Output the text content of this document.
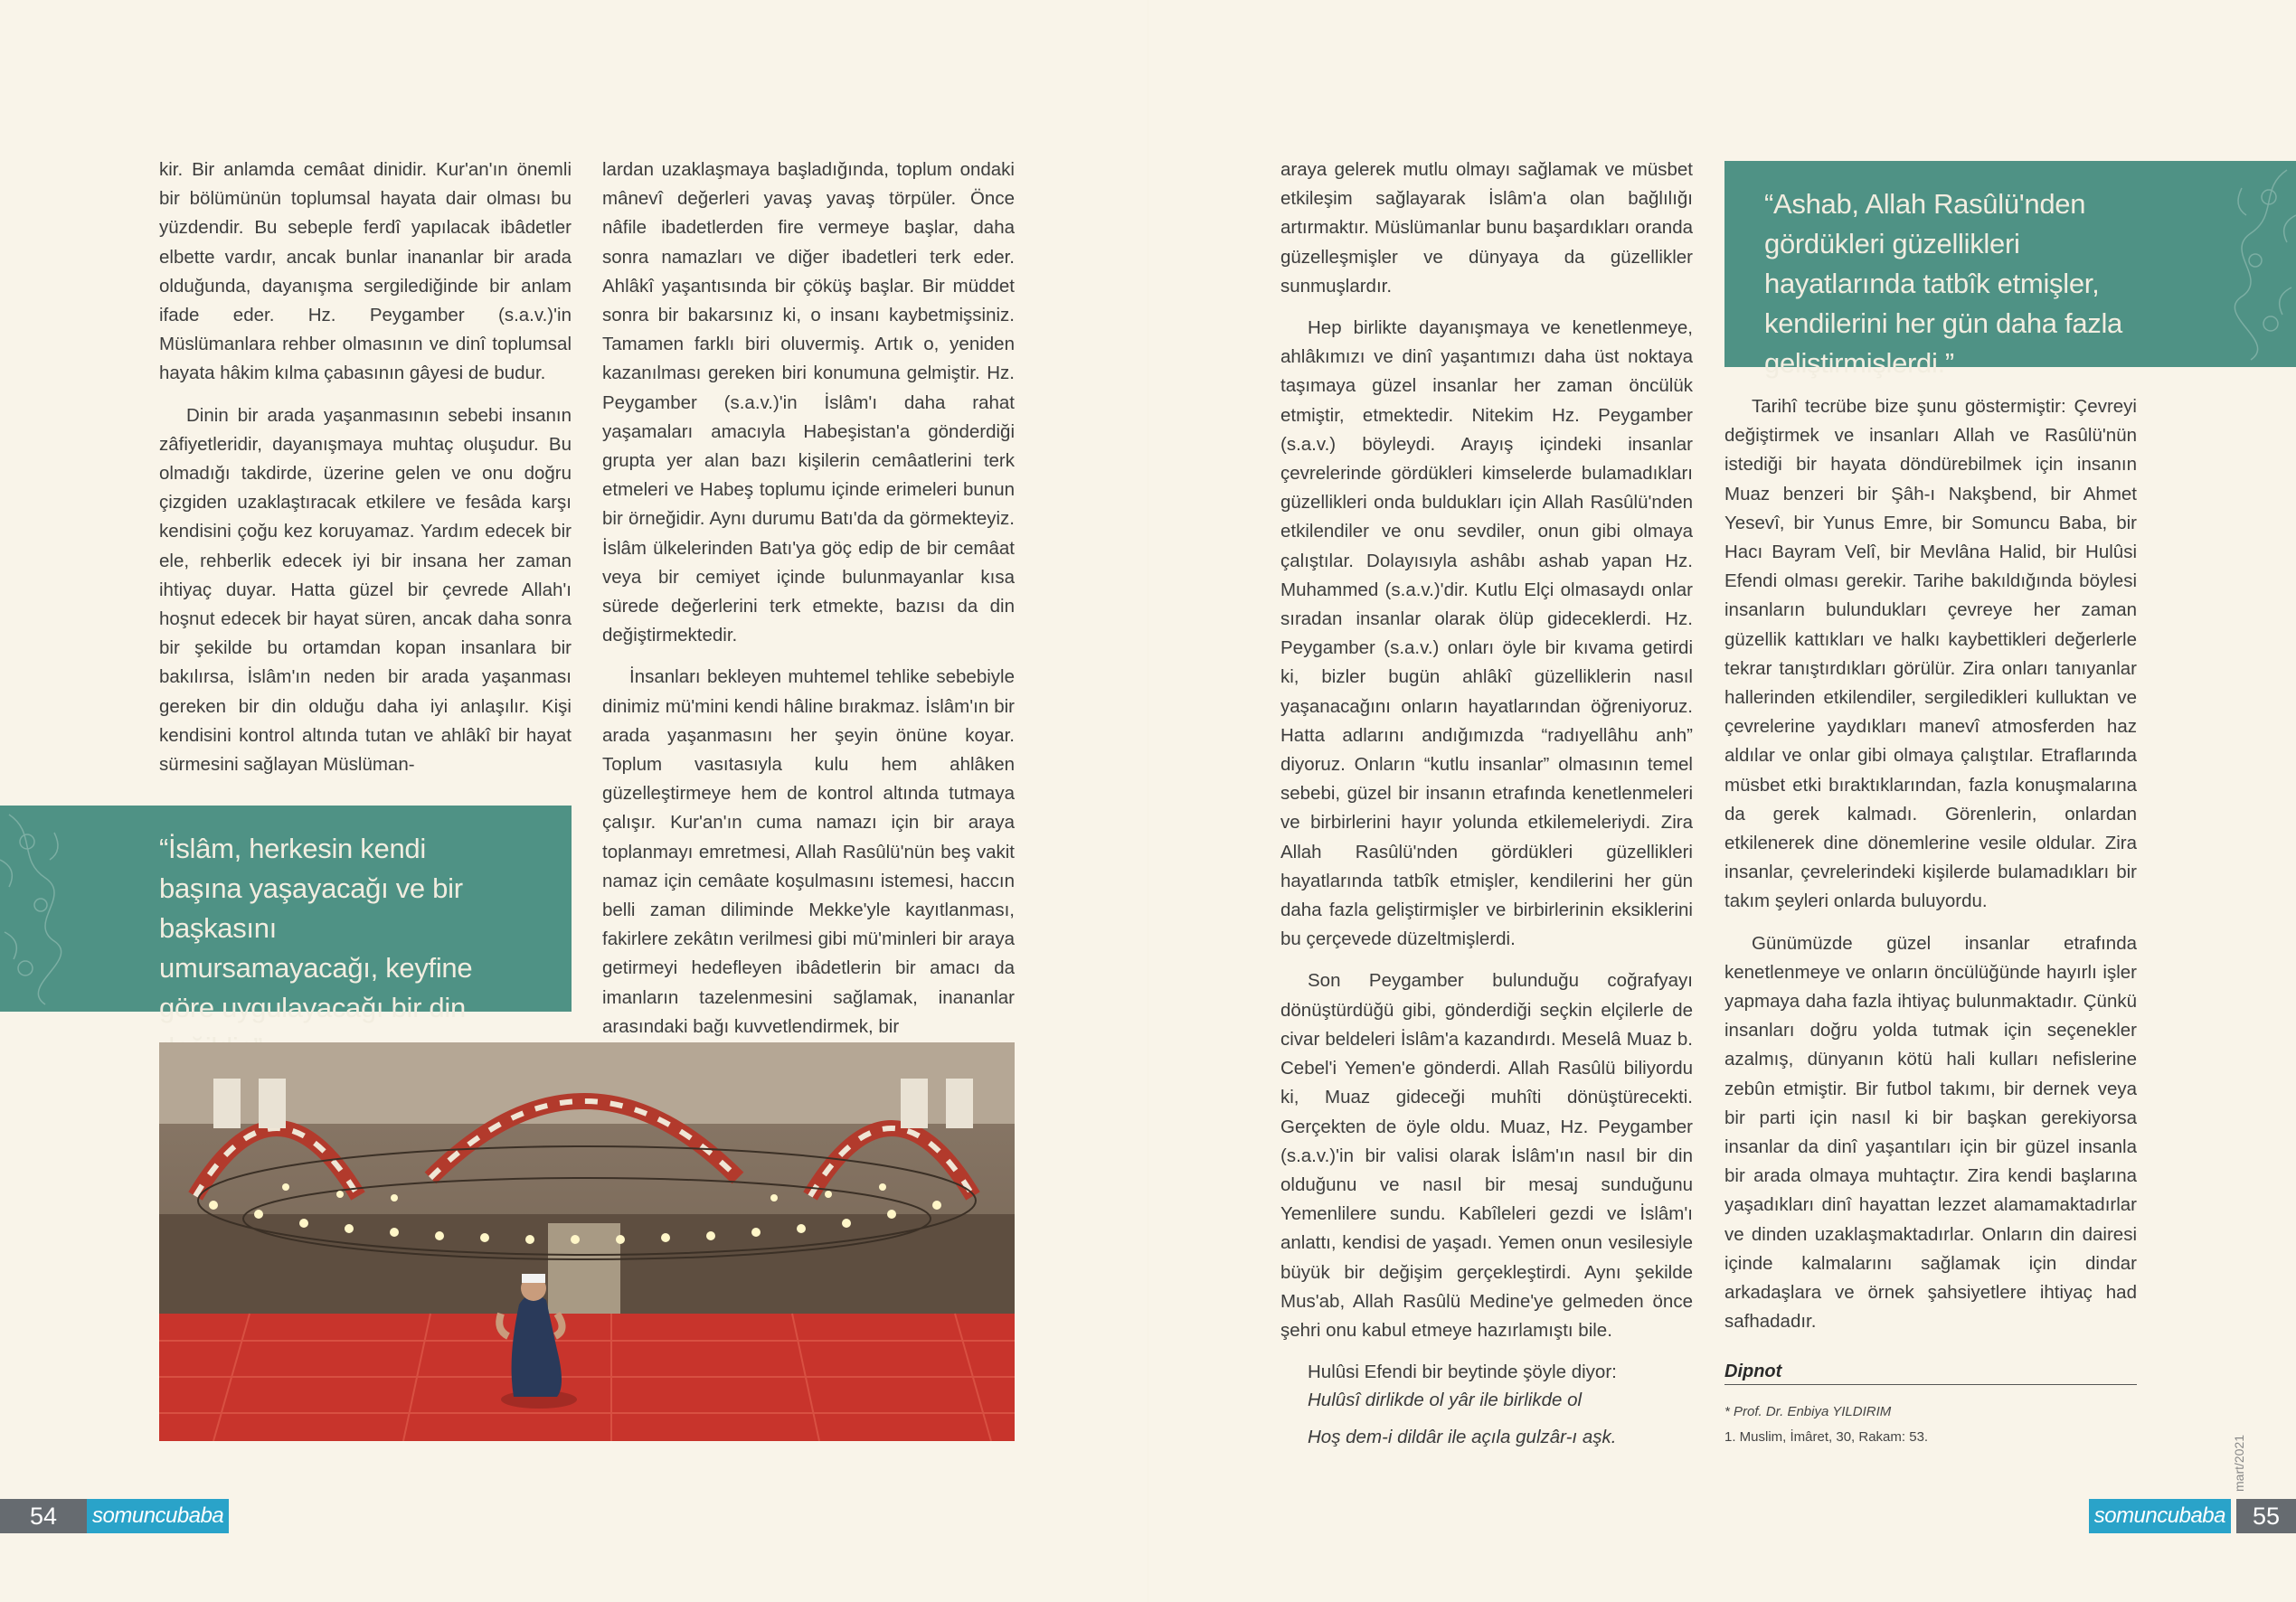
kir. Bir anlamda cemâat dinidir. Kur'an'ın önemli bir bölümünün toplumsal hayata dair olması bu yüzdendir. Bu sebeple ferdî yapılacak ibâdetler elbette vardır, ancak bunlar inananlar bir arada olduğunda, dayanışma sergilediğinde bir anlam ifade eder. Hz. Peygamber (s.a.v.)'in Müslümanlara rehber olmasının ve dinî toplumsal hayata hâkim kılma çabasının gâyesi de budur.

Dinin bir arada yaşanmasının sebebi insanın zâfiyetleridir, dayanışmaya muhtaç oluşudur. Bu olmadığı takdirde, üzerine gelen ve onu doğru çizgiden uzaklaştıracak etkilere ve fesâda karşı kendisini çoğu kez koruyamaz. Yardım edecek bir ele, rehberlik edecek iyi bir insana her zaman ihtiyaç duyar. Hatta güzel bir çevrede Allah'ı hoşnut edecek bir hayat süren, ancak daha sonra bir şekilde bu ortamdan kopan insanlara bir bakılırsa, İslâm'ın neden bir arada yaşanması gereken bir din olduğu daha iyi anlaşılır. Kişi kendisini kontrol altında tutan ve ahlâkî bir hayat sürmesini sağlayan Müslüman-

lardan uzaklaşmaya başladığında, toplum ondaki mânevî değerleri yavaş yavaş törpüler. Önce nâfile ibadetlerden fire vermeye başlar, daha sonra namazları ve diğer ibadetleri terk eder. Ahlâkî yaşantısında bir çöküş başlar. Bir müddet sonra bir bakarsınız ki, o insanı kaybetmişsiniz. Tamamen farklı biri oluvermiş. Artık o, yeniden kazanılması gereken biri konumuna gelmiştir. Hz. Peygamber (s.a.v.)'in İslâm'ı daha rahat yaşamaları amacıyla Habeşistan'a gönderdiği grupta yer alan bazı kişilerin cemâatlerini terk etmeleri ve Habeş toplumu içinde erimeleri bunun bir örneğidir. Aynı durumu Batı'da da görmekteyiz. İslâm ülkelerinden Batı'ya göç edip de bir cemâat veya bir cemiyet içinde bulunmayanlar kısa sürede değerlerini terk etmekte, bazısı da din değiştirmektedir.

İnsanları bekleyen muhtemel tehlike sebebiyle dinimiz mü'mini kendi hâline bırakmaz. İslâm'ın bir arada yaşanmasını her şeyin önüne koyar. Toplum vasıtasıyla kulu hem ahlâken güzelleştirmeye hem de kontrol altında tutmaya çalışır. Kur'an'ın cuma namazı için bir araya toplanmayı emretmesi, Allah Rasûlü'nün beş vakit namaz için cemâate koşulmasını istemesi, haccın belli zaman diliminde Mekke'yle kayıtlanması, fakirlere zekâtın verilmesi gibi mü'minleri bir araya getirmeyi hedefleyen ibâdetlerin bir amacı da imanların tazelenmesini sağlamak, inananlar arasındaki bağı kuvvetlendirmek, bir

“İslâm, herkesin kendi başına yaşayacağı ve bir başkasını umursamayacağı, keyfine göre uygulayacağı bir din
54	somuncubaba

araya gelerek mutlu olmayı sağlamak ve müsbet etkileşim sağlayarak İslâm'a olan bağlılığı artırmaktır. Müslümanlar bunu başardıkları oranda güzelleşmişler ve dünyaya da güzellikler sunmuşlardır.

Hep birlikte dayanışmaya ve kenetlenmeye, ahlâkımızı ve dinî yaşantımızı daha üst noktaya taşımaya güzel insanlar her zaman öncülük etmiştir, etmektedir. Nitekim Hz. Peygamber (s.a.v.) böyleydi. Arayış içindeki insanlar çevrelerinde gördükleri kimselerde bulamadıkları güzellikleri onda buldukları için Allah Rasûlü'nden etkilendiler ve onu sevdiler, onun gibi olmaya çalıştılar. Dolayısıyla ashâbı ashab yapan Hz. Muhammed (s.a.v.)'dir. Kutlu Elçi olmasaydı onlar sıradan insanlar olarak ölüp gideceklerdi. Hz. Peygamber (s.a.v.) onları öyle bir kıvama getirdi ki, bizler bugün ahlâkî güzelliklerin nasıl yaşanacağını onların hayatlarından öğreniyoruz. Hatta adlarını andığımızda “radıyellâhu anh” diyoruz. Onların “kutlu insanlar” olmasının temel sebebi, güzel bir insanın etrafında kenetlenmeleri ve birbirlerini hayır yolunda etkilemeleriydi. Zira Allah Rasûlü'nden gördükleri güzellikleri hayatlarında tatbîk etmişler, kendilerini her gün daha fazla geliştirmişler ve birbirlerinin eksiklerini bu çerçevede düzeltmişlerdi.

Son Peygamber bulunduğu coğrafyayı dönüştürdüğü gibi, gönderdiği seçkin elçilerle de civar beldeleri İslâm'a kazandırdı. Meselâ Muaz b. Cebel'i Yemen'e gönderdi. Allah Rasûlü biliyordu ki, Muaz gideceği muhîti dönüştürecekti. Gerçekten de öyle oldu. Muaz, Hz. Peygamber (s.a.v.)'in bir valisi olarak İslâm'ın nasıl bir din olduğunu ve nasıl bir mesaj sunduğunu Yemenlilere sundu. Kabîleleri gezdi ve İslâm'ı anlattı, kendisi de yaşadı. Yemen onun vesilesiyle büyük bir değişim gerçekleştirdi. Aynı şekilde Mus'ab, Allah Rasûlü Medine'ye gelmeden önce şehri onu kabul etmeye hazırlamıştı bile.

Hulûsi Efendi bir beytinde şöyle diyor:

Hulûsî dirlikde ol yâr ile birlikde ol
Hoş dem-i dildâr ile açıla gulzâr-ı aşk.
“Ashab, Allah Rasûlü'nden gördükleri güzellikleri hayatlarında tatbîk etmişler, kendilerini her gün daha fazla geliştirmişlerdi.”

Tarihî tecrübe bize şunu göstermiştir: Çevreyi değiştirmek ve insanları Allah ve Rasûlü'nün istediği bir hayata döndürebilmek için insanın Muaz benzeri bir Şâh-ı Nakşbend, bir Ahmet Yesevî, bir Yunus Emre, bir Somuncu Baba, bir Hacı Bayram Velî, bir Mevlâna Halid, bir Hulûsi Efendi olması gerekir. Tarihe bakıldığında böylesi insanların bulundukları çevreye her zaman güzellik kattıkları ve halkı kaybettikleri değerlerle tekrar tanıştırdıkları görülür. Zira onları tanıyanlar hallerinden etkilendiler, sergiledikleri kulluktan ve çevrelerine yaydıkları manevî atmosferden haz aldılar ve onlar gibi olmaya çalıştılar. Etraflarında müsbet etki bıraktıklarından, fazla konuşmalarına da gerek kalmadı. Görenlerin, onlardan etkilenerek dine dönemlerine vesile oldular. Zira insanlar, çevrelerindeki kişilerde bulamadıkları bir takım şeyleri onlarda buluyordu.

Günümüzde güzel insanlar etrafında kenetlenmeye ve onların öncülüğünde hayırlı işler yapmaya daha fazla ihtiyaç bulunmaktadır. Çünkü insanları doğru yolda tutmak için seçenekler azalmış, dünyanın kötü hali kulları nefislerine zebûn etmiştir. Bir futbol takımı, bir dernek veya bir parti için nasıl ki bir başkan gerekiyorsa insanlar da dinî yaşantıları için bir güzel insanla bir arada olmaya muhtaçtır. Zira kendi başlarına yaşadıkları dinî hayattan lezzet alamamaktadırlar ve dinden uzaklaşmaktadırlar. Onların din dairesi içinde kalmalarını sağlamak için dindar arkadaşlara ve örnek şahsiyetlere ihtiyaç had safhadadır.

Dipnot
* Prof. Dr. Enbiya YILDIRIM
1. Muslim, İmâret, 30, Rakam: 53.	mart/2021
somuncubaba	55
